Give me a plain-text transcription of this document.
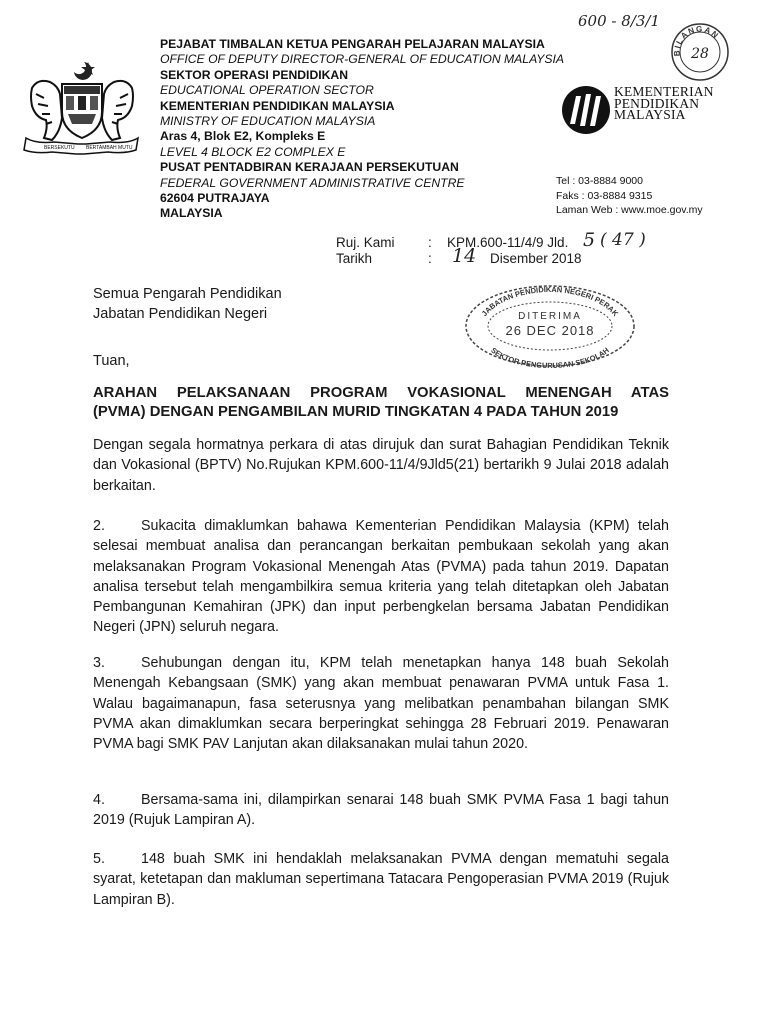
600 - 8/3/1
BERSEKUTU BERTAMBAH MUTU
PEJABAT TIMBALAN KETUA PENGARAH PELAJARAN MALAYSIA
OFFICE OF DEPUTY DIRECTOR-GENERAL OF EDUCATION MALAYSIA
SEKTOR OPERASI PENDIDIKAN
EDUCATIONAL OPERATION SECTOR
KEMENTERIAN PENDIDIKAN MALAYSIA
MINISTRY OF EDUCATION MALAYSIA
Aras 4, Blok E2, Kompleks E
LEVEL 4 BLOCK E2 COMPLEX E
PUSAT PENTADBIRAN KERAJAAN PERSEKUTUAN
FEDERAL GOVERNMENT ADMINISTRATIVE CENTRE
62604 PUTRAJAYA
MALAYSIA
BILANGAN
28
KEMENTERIAN
PENDIDIKAN
MALAYSIA
Tel : 03-8884 9000
Faks : 03-8884 9315
Laman Web : www.moe.gov.my
Ruj. Kami : KPM.600-11/4/9 Jld. 5 ( 47 )
Tarikh	: 14 Disember 2018
JABATAN PENDIDIKAN NEGERI PERAK
SEKTOR PENGURUSAN SEKOLAH
DITERIMA
26 DEC 2018
Semua Pengarah Pendidikan
Jabatan Pendidikan Negeri
Tuan,
ARAHAN PELAKSANAAN PROGRAM VOKASIONAL MENENGAH ATAS
(PVMA) DENGAN PENGAMBILAN MURID TINGKATAN 4 PADA TAHUN 2019
Dengan segala hormatnya perkara di atas dirujuk dan surat Bahagian Pendidikan Teknik dan Vokasional (BPTV) No.Rujukan KPM.600-11/4/9Jld5(21) bertarikh 9 Julai 2018 adalah berkaitan.
2.	Sukacita dimaklumkan bahawa Kementerian Pendidikan Malaysia (KPM) telah selesai membuat analisa dan perancangan berkaitan pembukaan sekolah yang akan melaksanakan Program Vokasional Menengah Atas (PVMA) pada tahun 2019. Dapatan analisa tersebut telah mengambilkira semua kriteria yang telah ditetapkan oleh Jabatan Pembangunan Kemahiran (JPK) dan input perbengkelan bersama Jabatan Pendidikan Negeri (JPN) seluruh negara.
3.	Sehubungan dengan itu, KPM telah menetapkan hanya 148 buah Sekolah Menengah Kebangsaan (SMK) yang akan membuat penawaran PVMA untuk Fasa 1. Walau bagaimanapun, fasa seterusnya yang melibatkan penambahan bilangan SMK PVMA akan dimaklumkan secara berperingkat sehingga 28 Februari 2019. Penawaran PVMA bagi SMK PAV Lanjutan akan dilaksanakan mulai tahun 2020.
4.	Bersama-sama ini, dilampirkan senarai 148 buah SMK PVMA Fasa 1 bagi tahun 2019 (Rujuk Lampiran A).
5.	148 buah SMK ini hendaklah melaksanakan PVMA dengan mematuhi segala syarat, ketetapan dan makluman sepertimana Tatacara Pengoperasian PVMA 2019 (Rujuk Lampiran B).
